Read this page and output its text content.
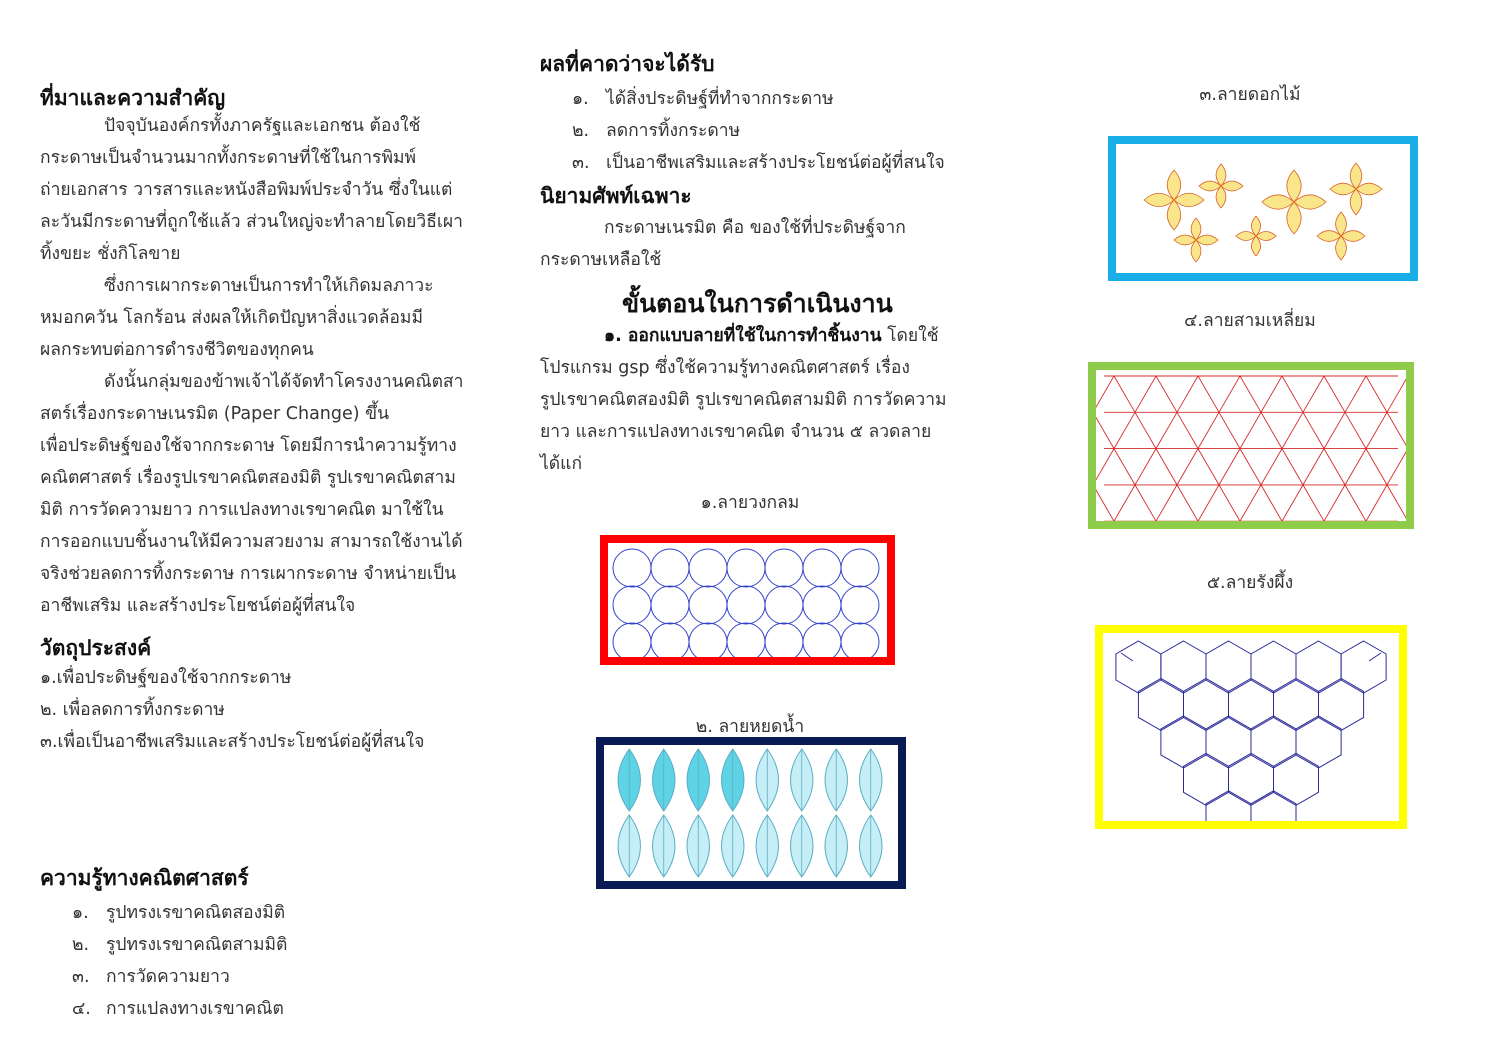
ที่มาและความสำคัญ
ปัจจุบันองค์กรทั้งภาครัฐและเอกชน ต้องใช้
กระดาษเป็นจำนวนมากทั้งกระดาษที่ใช้ในการพิมพ์
ถ่ายเอกสาร วารสารและหนังสือพิมพ์ประจำวัน ซึ่งในแต่
ละวันมีกระดาษที่ถูกใช้แล้ว ส่วนใหญ่จะทำลายโดยวิธีเผา
ทิ้งขยะ ชั่งกิโลขาย
ซึ่งการเผากระดาษเป็นการทำให้เกิดมลภาวะ
หมอกควัน โลกร้อน ส่งผลให้เกิดปัญหาสิ่งแวดล้อมมี
ผลกระทบต่อการดำรงชีวิตของทุกคน
ดังนั้นกลุ่มของข้าพเจ้าได้จัดทำโครงงานคณิตสา
สตร์เรื่องกระดาษเนรมิต (Paper Change) ขึ้น
เพื่อประดิษฐ์ของใช้จากกระดาษ โดยมีการนำความรู้ทาง
คณิตศาสตร์ เรื่องรูปเรขาคณิตสองมิติ รูปเรขาคณิตสาม
มิติ การวัดความยาว การแปลงทางเรขาคณิต มาใช้ใน
การออกแบบชิ้นงานให้มีความสวยงาม สามารถใช้งานได้
จริงช่วยลดการทิ้งกระดาษ การเผากระดาษ จำหน่ายเป็น
อาชีพเสริม และสร้างประโยชน์ต่อผู้ที่สนใจ
วัตถุประสงค์
๑.เพื่อประดิษฐ์ของใช้จากกระดาษ
๒. เพื่อลดการทิ้งกระดาษ
๓.เพื่อเป็นอาชีพเสริมและสร้างประโยชน์ต่อผู้ที่สนใจ
ความรู้ทางคณิตศาสตร์
๑. รูปทรงเรขาคณิตสองมิติ
๒. รูปทรงเรขาคณิตสามมิติ
๓. การวัดความยาว
๔. การแปลงทางเรขาคณิต
ผลที่คาดว่าจะได้รับ
๑. ได้สิ่งประดิษฐ์ที่ทำจากกระดาษ
๒. ลดการทิ้งกระดาษ
๓. เป็นอาชีพเสริมและสร้างประโยชน์ต่อผู้ที่สนใจ
นิยามศัพท์เฉพาะ
กระดาษเนรมิต คือ ของใช้ที่ประดิษฐ์จาก
กระดาษเหลือใช้
ขั้นตอนในการดำเนินงาน
๑. ออกแบบลายที่ใช้ในการทำชิ้นงาน โดยใช้
โปรแกรม gsp ซึ่งใช้ความรู้ทางคณิตศาสตร์ เรื่อง
รูปเรขาคณิตสองมิติ รูปเรขาคณิตสามมิติ การวัดความ
ยาว และการแปลงทางเรขาคณิต จำนวน ๕ ลวดลาย
ได้แก่
๑.ลายวงกลม
๒. ลายหยดน้ำ
๓.ลายดอกไม้
๔.ลายสามเหลี่ยม
๕.ลายรังผึ้ง
